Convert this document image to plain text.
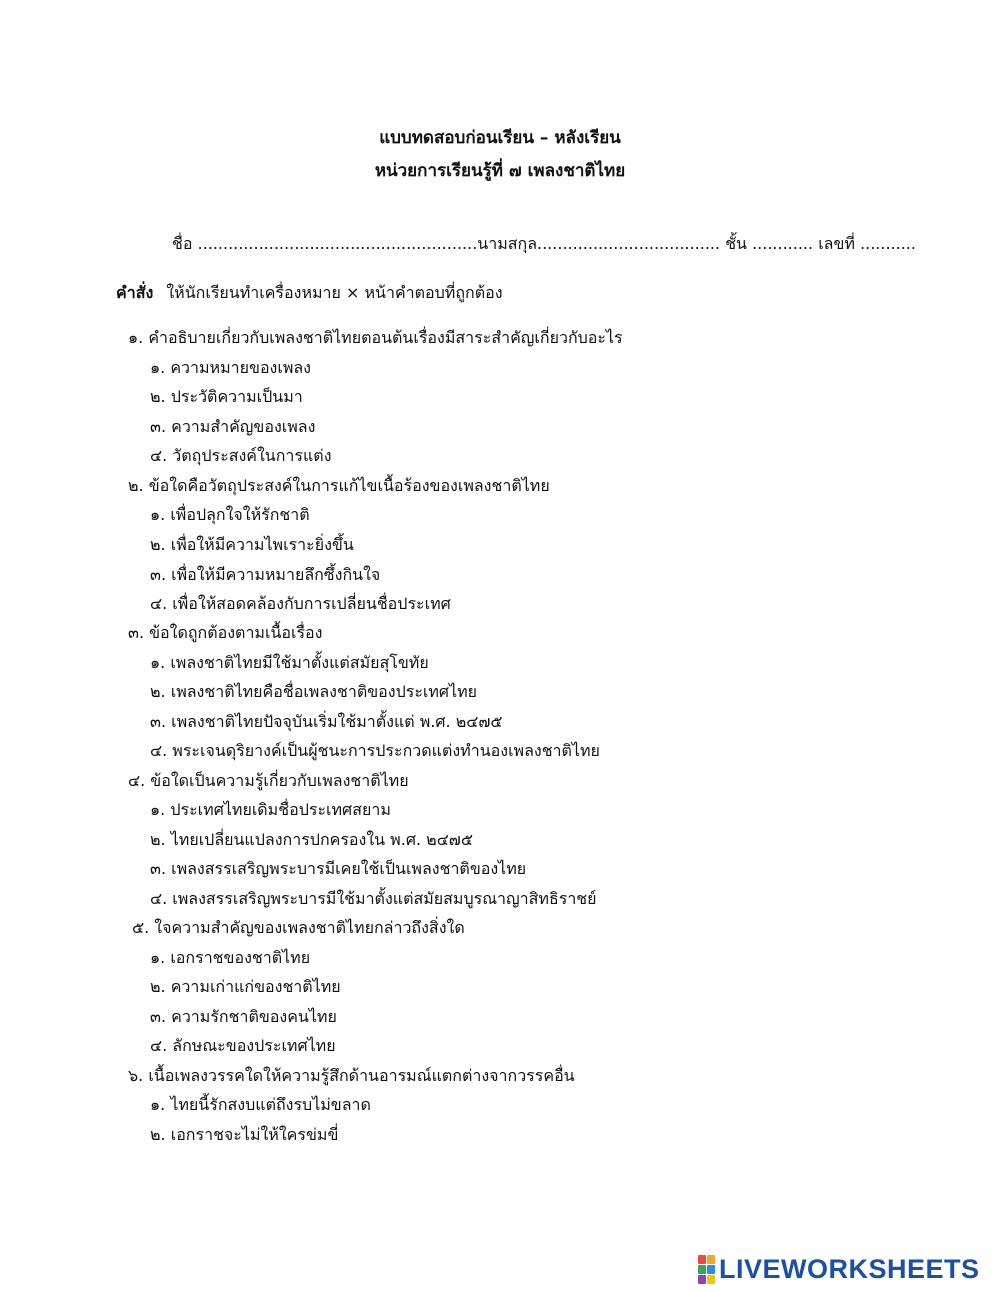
แบบทดสอบก่อนเรียน – หลังเรียน
หน่วยการเรียนรู้ที่ ๗ เพลงชาติไทย
ชื่อ .......................................................นามสกุล.................................... ชั้น ............ เลขที่ ...........
คำสั่ง ให้นักเรียนทำเครื่องหมาย × หน้าคำตอบที่ถูกต้อง
๑. คำอธิบายเกี่ยวกับเพลงชาติไทยตอนต้นเรื่องมีสาระสำคัญเกี่ยวกับอะไร
๑. ความหมายของเพลง
๒. ประวัติความเป็นมา
๓. ความสำคัญของเพลง
๔. วัตถุประสงค์ในการแต่ง
๒. ข้อใดคือวัตถุประสงค์ในการแก้ไขเนื้อร้องของเพลงชาติไทย
๑. เพื่อปลุกใจให้รักชาติ
๒. เพื่อให้มีความไพเราะยิ่งขึ้น
๓. เพื่อให้มีความหมายลึกซึ้งกินใจ
๔. เพื่อให้สอดคล้องกับการเปลี่ยนชื่อประเทศ
๓. ข้อใดถูกต้องตามเนื้อเรื่อง
๑. เพลงชาติไทยมีใช้มาตั้งแต่สมัยสุโขทัย
๒. เพลงชาติไทยคือชื่อเพลงชาติของประเทศไทย
๓. เพลงชาติไทยปัจจุบันเริ่มใช้มาตั้งแต่ พ.ศ. ๒๔๗๕
๔. พระเจนดุริยางค์เป็นผู้ชนะการประกวดแต่งทำนองเพลงชาติไทย
๔. ข้อใดเป็นความรู้เกี่ยวกับเพลงชาติไทย
๑. ประเทศไทยเดิมชื่อประเทศสยาม
๒. ไทยเปลี่ยนแปลงการปกครองใน พ.ศ. ๒๔๗๕
๓. เพลงสรรเสริญพระบารมีเคยใช้เป็นเพลงชาติของไทย
๔. เพลงสรรเสริญพระบารมีใช้มาตั้งแต่สมัยสมบูรณาญาสิทธิราชย์
๕. ใจความสำคัญของเพลงชาติไทยกล่าวถึงสิ่งใด
๑. เอกราชของชาติไทย
๒. ความเก่าแก่ของชาติไทย
๓. ความรักชาติของคนไทย
๔. ลักษณะของประเทศไทย
๖. เนื้อเพลงวรรคใดให้ความรู้สึกด้านอารมณ์แตกต่างจากวรรคอื่น
๑. ไทยนี้รักสงบแต่ถึงรบไม่ขลาด
๒. เอกราชจะไม่ให้ใครข่มขี่
LIVEWORKSHEETS
